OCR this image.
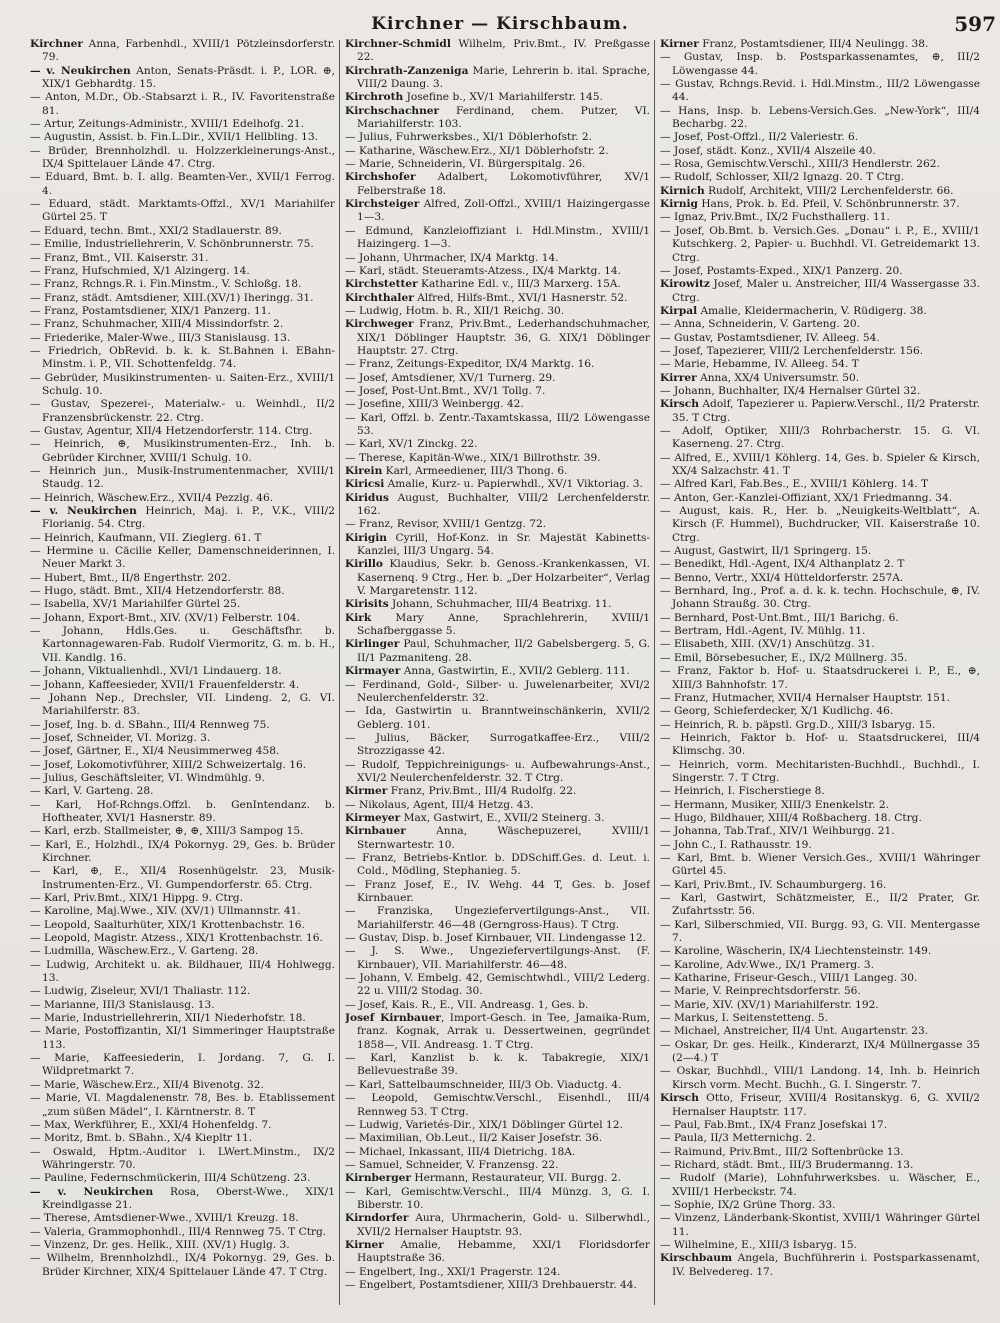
Kirchner — Kirschbaum.	597

Kirchner Anna, Farbenhdl., XVIII/1 Pötzleinsdorferstr. 79.

— v. Neukirchen Anton, Senats-Präsdt. i. P., LOR. ⊕, XIX/1 Gebhardtg. 15.

— Anton, M.Dr., Ob.-Stabsarzt i. R., IV. Favoritenstraße 81.

— Artur, Zeitungs-Administr., XVIII/1 Edelhofg. 21.

— Augustin, Assist. b. Fin.L.Dir., XVII/1 Hellbling. 13.

— Brüder, Brennholzhdl. u. Holzzerkleinerungs-Anst., IX/4 Spittelauer Lände 47. Ctrg.

— Eduard, Bmt. b. I. allg. Beamten-Ver., XVII/1 Ferrog. 4.

— Eduard, städt. Marktamts-Offzl., XV/1 Mariahilfer Gürtel 25. T

— Eduard, techn. Bmt., XXI/2 Stadlauerstr. 89.

— Emilie, Industriellehrerin, V. Schönbrunnerstr. 75.

— Franz, Bmt., VII. Kaiserstr. 31.

— Franz, Hufschmied, X/1 Alzingerg. 14.

— Franz, Rchngs.R. i. Fin.Minstm., V. Schloßg. 18.

— Franz, städt. Amtsdiener, XIII.(XV/1) Iheringg. 31.

— Franz, Postamtsdiener, XIX/1 Panzerg. 11.

— Franz, Schuhmacher, XIII/4 Missindorfstr. 2.

— Friederike, Maler-Wwe., III/3 Stanislausg. 13.

— Friedrich, ObRevid. b. k. k. St.Bahnen i. EBahn-Minstm. i. P., VII. Schottenfeldg. 74.

— Gebrüder, Musikinstrumenten- u. Saiten-Erz., XVIII/1 Schulg. 10.

— Gustav, Spezerei-, Materialw.- u. Weinhdl., II/2 Franzensbrückenstr. 22. Ctrg.

— Gustav, Agentur, XII/4 Hetzendorferstr. 114. Ctrg.

— Heinrich, ⊕, Musikinstrumenten-Erz., Inh. b. Gebrüder Kirchner, XVIII/1 Schulg. 10.

— Heinrich jun., Musik-Instrumentenmacher, XVIII/1 Staudg. 12.

— Heinrich, Wäschew.Erz., XVII/4 Pezzlg. 46.

— v. Neukirchen Heinrich, Maj. i. P., V.K., VIII/2 Florianig. 54. Ctrg.

— Heinrich, Kaufmann, VII. Zieglerg. 61. T

— Hermine u. Cäcilie Keller, Damenschneiderinnen, I. Neuer Markt 3.

— Hubert, Bmt., II/8 Engerthstr. 202.

— Hugo, städt. Bmt., XII/4 Hetzendorferstr. 88.

— Isabella, XV/1 Mariahilfer Gürtel 25.

— Johann, Export-Bmt., XIV. (XV/1) Felberstr. 104.

— Johann, Hdls.Ges. u. Geschäftsfhr. b. Kartonnagewaren-Fab. Rudolf Viermoritz, G. m. b. H., VII. Kandlg. 16.

— Johann, Viktualienhdl., XVI/1 Lindauerg. 18.

— Johann, Kaffeesieder, XVII/1 Frauenfelderstr. 4.

— Johann Nep., Drechsler, VII. Lindeng. 2, G. VI. Mariahilferstr. 83.

— Josef, Ing. b. d. SBahn., III/4 Rennweg 75.

— Josef, Schneider, VI. Morizg. 3.

— Josef, Gärtner, E., XI/4 Neusimmerweg 458.

— Josef, Lokomotivführer, XIII/2 Schweizertalg. 16.

— Julius, Geschäftsleiter, VI. Windmühlg. 9.

— Karl, V. Garteng. 28.

— Karl, Hof-Rchngs.Offzl. b. GenIntendanz. b. Hoftheater, XVI/1 Hasnerstr. 89.

— Karl, erzb. Stallmeister, ⊕, ⊕, XIII/3 Sampog 15.

— Karl, E., Holzhdl., IX/4 Pokornyg. 29, Ges. b. Brüder Kirchner.

— Karl, ⊕, E., XII/4 Rosenhügelstr. 23, Musik-Instrumenten-Erz., VI. Gumpendorferstr. 65. Ctrg.

— Karl, Priv.Bmt., XIX/1 Hippg. 9. Ctrg.

— Karoline, Maj.Wwe., XIV. (XV/1) Ullmannstr. 41.

— Leopold, Saalturhüter, XIX/1 Krottenbachstr. 16.

— Leopold, Magistr. Atzess., XIX/1 Krottenbachstr. 16.

— Ludmilla, Wäschew.Erz., V. Garteng. 28.

— Ludwig, Architekt u. ak. Bildhauer, III/4 Hohlwegg. 13.

— Ludwig, Ziseleur, XVI/1 Thaliastr. 112.

— Marianne, III/3 Stanislausg. 13.

— Marie, Industriellehrerin, XII/1 Niederhofstr. 18.

— Marie, Postoffizantin, XI/1 Simmeringer Hauptstraße 113.

— Marie, Kaffeesiederin, I. Jordang. 7, G. I. Wildpretmarkt 7.

— Marie, Wäschew.Erz., XII/4 Bivenotg. 32.

— Marie, VI. Magdalenenstr. 78, Bes. b. Etablissement „zum süßen Mädel“, I. Kärntnerstr. 8. T

— Max, Werkführer, E., XXI/4 Hohenfeldg. 7.

— Moritz, Bmt. b. SBahn., X/4 Kiepltr 11.

— Oswald, Hptm.-Auditor i. LWert.Minstm., IX/2 Währingerstr. 70.

— Pauline, Federnschmückerin, III/4 Schützeng. 23.

— v. Neukirchen Rosa, Oberst-Wwe., XIX/1 Kreindlgasse 21.

— Therese, Amtsdiener-Wwe., XVIII/1 Kreuzg. 18.

— Valeria, Grammophonhdl., III/4 Rennweg 75. T Ctrg.

— Vinzenz, Dr. ges. Hellk., XIII. (XV/1) Huglg. 3.

— Wilhelm, Brennholzhdl., IX/4 Pokornyg. 29, Ges. b. Brüder Kirchner, XIX/4 Spittelauer Lände 47. T Ctrg.

Kirchner-Schmidl Wilhelm, Priv.Bmt., IV. Preßgasse 22.

Kirchrath-Zanzeniga Marie, Lehrerin b. ital. Sprache, VIII/2 Daung. 3.

Kirchroth Josefine b., XV/1 Mariahilferstr. 145.

Kirchschachner Ferdinand, chem. Putzer, VI. Mariahilferstr. 103.

— Julius, Fuhrwerksbes., XI/1 Döblerhofstr. 2.

— Katharine, Wäschew.Erz., XI/1 Döblerhofstr. 2.

— Marie, Schneiderin, VI. Bürgerspitalg. 26.

Kirchshofer Adalbert, Lokomotivführer, XV/1 Felberstraße 18.

Kirchsteiger Alfred, Zoll-Offzl., XVIII/1 Haizingergasse 1—3.

— Edmund, Kanzleioffiziant i. Hdl.Minstm., XVIII/1 Haizingerg. 1—3.

— Johann, Uhrmacher, IX/4 Marktg. 14.

— Karl, städt. Steueramts-Atzess., IX/4 Marktg. 14.

Kirchstetter Katharine Edl. v., III/3 Marxerg. 15A.

Kirchthaler Alfred, Hilfs-Bmt., XVI/1 Hasnerstr. 52.

— Ludwig, Hotm. b. R., XII/1 Reichg. 30.

Kirchweger Franz, Priv.Bmt., Lederhandschuhmacher, XIX/1 Döblinger Hauptstr. 36, G. XIX/1 Döblinger Hauptstr. 27. Ctrg.

— Franz, Zeitungs-Expeditor, IX/4 Marktg. 16.

— Josef, Amtsdiener, XV/1 Turnerg. 29.

— Josef, Post-Unt.Bmt., XV/1 Tollg. 7.

— Josefine, XIII/3 Weinbergg. 42.

— Karl, Offzl. b. Zentr.-Taxamtskassa, III/2 Löwengasse 53.

— Karl, XV/1 Zinckg. 22.

— Therese, Kapitän-Wwe., XIX/1 Billrothstr. 39.

Kirein Karl, Armeediener, III/3 Thong. 6.

Kiricsi Amalie, Kurz- u. Papierwhdl., XV/1 Viktoriag. 3.

Kiridus August, Buchhalter, VIII/2 Lerchenfelderstr. 162.

— Franz, Revisor, XVIII/1 Gentzg. 72.

Kirigin Cyrill, Hof-Konz. in Sr. Majestät Kabinetts-Kanzlei, III/3 Ungarg. 54.

Kirillo Klaudius, Sekr. b. Genoss.-Krankenkassen, VI. Kasernenq. 9 Ctrg., Her. b. „Der Holzarbeiter“, Verlag V. Margaretenstr. 112.

Kirisits Johann, Schuhmacher, III/4 Beatrixg. 11.

Kirk Mary Anne, Sprachlehrerin, XVIII/1 Schafberggasse 5.

Kirlinger Paul, Schuhmacher, II/2 Gabelsbergerg. 5, G. II/1 Pazmaniteng. 28.

Kirmayer Anna, Gastwirtin, E., XVII/2 Geblerg. 111.

— Ferdinand, Gold-, Silber- u. Juwelenarbeiter, XVI/2 Neulerchenfelderstr. 32.

— Ida, Gastwirtin u. Branntweinschänkerin, XVII/2 Geblerg. 101.

— Julius, Bäcker, Surrogatkaffee-Erz., VIII/2 Strozzigasse 42.

— Rudolf, Teppichreinigungs- u. Aufbewahrungs-Anst., XVI/2 Neulerchenfelderstr. 32. T Ctrg.

Kirmer Franz, Priv.Bmt., III/4 Rudolfg. 22.

— Nikolaus, Agent, III/4 Hetzg. 43.

Kirmeyer Max, Gastwirt, E., XVII/2 Steinerg. 3.

Kirnbauer Anna, Wäschepuzerei, XVIII/1 Sternwartestr. 10.

— Franz, Betriebs-Kntlor. b. DDSchiff.Ges. d. Leut. i. Cold., Mödling, Stephanieg. 5.

— Franz Josef, E., IV. Wehg. 44 T, Ges. b. Josef Kirnbauer.

— Franziska, Ungeziefervertilgungs-Anst., VII. Mariahilferstr. 46—48 (Gerngross-Haus). T Ctrg.

— Gustav, Disp. b. Josef Kirnbauer, VII. Lindengasse 12.

— J. S. Wwe., Ungeziefervertilgungs-Anst. (F. Kirnbauer), VII. Mariahilferstr. 46—48.

— Johann, V. Embelg. 42, Gemischtwhdl., VIII/2 Lederg. 22 u. VIII/2 Stodag. 30.

— Josef, Kais. R., E., VII. Andreasg. 1, Ges. b.

Josef Kirnbauer, Import-Gesch. in Tee, Jamaika-Rum, franz. Kognak, Arrak u. Dessertweinen, gegründet 1858—, VII. Andreasg. 1. T Ctrg.

— Karl, Kanzlist b. k. k. Tabakregie, XIX/1 Bellevuestraße 39.

— Karl, Sattelbaumschneider, III/3 Ob. Viaductg. 4.

— Leopold, Gemischtw.Verschl., Eisenhdl., III/4 Rennweg 53. T Ctrg.

— Ludwig, Varietés-Dir., XIX/1 Döblinger Gürtel 12.

— Maximilian, Ob.Leut., II/2 Kaiser Josefstr. 36.

— Michael, Inkassant, III/4 Dietrichg. 18A.

— Samuel, Schneider, V. Franzensg. 22.

Kirnberger Hermann, Restaurateur, VII. Burgg. 2.

— Karl, Gemischtw.Verschl., III/4 Münzg. 3, G. I. Biberstr. 10.

Kirndorfer Aura, Uhrmacherin, Gold- u. Silberwhdl., XVII/2 Hernalser Hauptstr. 93.

Kirner Amalie, Hebamme, XXI/1 Floridsdorfer Hauptstraße 36.

— Engelbert, Ing., XXI/1 Pragerstr. 124.

— Engelbert, Postamtsdiener, XIII/3 Drehbauerstr. 44.

Kirner Franz, Postamtsdiener, III/4 Neulingg. 38.

— Gustav, Insp. b. Postsparkassenamtes, ⊕, III/2 Löwengasse 44.

— Gustav, Rchngs.Revid. i. Hdl.Minstm., III/2 Löwengasse 44.

— Hans, Insp. b. Lebens-Versich.Ges. „New-York“, III/4 Becharbg. 22.

— Josef, Post-Offzl., II/2 Valeriestr. 6.

— Josef, städt. Konz., XVII/4 Alszeile 40.

— Rosa, Gemischtw.Verschl., XIII/3 Hendlerstr. 262.

— Rudolf, Schlosser, XII/2 Ignazg. 20. T Ctrg.

Kirnich Rudolf, Architekt, VIII/2 Lerchenfelderstr. 66.

Kirnig Hans, Prok. b. Ed. Pfeil, V. Schönbrunnerstr. 37.

— Ignaz, Priv.Bmt., IX/2 Fuchsthallerg. 11.

— Josef, Ob.Bmt. b. Versich.Ges. „Donau“ i. P., E., XVIII/1 Kutschkerg. 2, Papier- u. Buchhdl. VI. Getreidemarkt 13. Ctrg.

— Josef, Postamts-Exped., XIX/1 Panzerg. 20.

Kirowitz Josef, Maler u. Anstreicher, III/4 Wassergasse 33. Ctrg.

Kirpal Amalie, Kleidermacherin, V. Rüdigerg. 38.

— Anna, Schneiderin, V. Garteng. 20.

— Gustav, Postamtsdiener, IV. Alleeg. 54.

— Josef, Tapezierer, VIII/2 Lerchenfelderstr. 156.

— Marie, Hebamme, IV. Alleeg. 54. T

Kirrer Anna, XX/4 Universumstr. 50.

— Johann, Buchhalter, IX/4 Hernalser Gürtel 32.

Kirsch Adolf, Tapezierer u. Papierw.Verschl., II/2 Praterstr. 35. T Ctrg.

— Adolf, Optiker, XIII/3 Rohrbacherstr. 15. G. VI. Kaserneng. 27. Ctrg.

— Alfred, E., XVIII/1 Köhlerg. 14, Ges. b. Spieler & Kirsch, XX/4 Salzachstr. 41. T

— Alfred Karl, Fab.Bes., E., XVIII/1 Köhlerg. 14. T

— Anton, Ger.-Kanzlei-Offiziant, XX/1 Friedmanng. 34.

— August, kais. R., Her. b. „Neuigkeits-Weltblatt“, A. Kirsch (F. Hummel), Buchdrucker, VII. Kaiserstraße 10. Ctrg.

— August, Gastwirt, II/1 Springerg. 15.

— Benedikt, Hdl.-Agent, IX/4 Althanplatz 2. T

— Benno, Vertr., XXI/4 Hütteldorferstr. 257A.

— Bernhard, Ing., Prof. a. d. k. k. techn. Hochschule, ⊕, IV. Johann Straußg. 30. Ctrg.

— Bernhard, Post-Unt.Bmt., III/1 Barichg. 6.

— Bertram, Hdl.-Agent, IV. Mühlg. 11.

— Elisabeth, XIII. (XV/1) Anschützg. 31.

— Emil, Börsebesucher, E., IX/2 Müllnerg. 35.

— Franz, Faktor b. Hof- u. Staatsdruckerei i. P., E., ⊕, XIII/3 Bahnhofstr. 17.

— Franz, Hutmacher, XVII/4 Hernalser Hauptstr. 151.

— Georg, Schieferdecker, X/1 Kudlichg. 46.

— Heinrich, R. b. päpstl. Grg.D., XIII/3 Isbaryg. 15.

— Heinrich, Faktor b. Hof- u. Staatsdruckerei, III/4 Klimschg. 30.

— Heinrich, vorm. Mechitaristen-Buchhdl., Buchhdl., I. Singerstr. 7. T Ctrg.

— Heinrich, I. Fischerstiege 8.

— Hermann, Musiker, XIII/3 Enenkelstr. 2.

— Hugo, Bildhauer, XIII/4 Roßbacherg. 18. Ctrg.

— Johanna, Tab.Traf., XIV/1 Weihburgg. 21.

— John C., I. Rathausstr. 19.

— Karl, Bmt. b. Wiener Versich.Ges., XVIII/1 Währinger Gürtel 45.

— Karl, Priv.Bmt., IV. Schaumburgerg. 16.

— Karl, Gastwirt, Schätzmeister, E., II/2 Prater, Gr. Zufahrtsstr. 56.

— Karl, Silberschmied, VII. Burgg. 93, G. VII. Mentergasse 7.

— Karoline, Wäscherin, IX/4 Liechtensteinstr. 149.

— Karoline, Adv.Wwe., IX/1 Pramerg. 3.

— Katharine, Friseur-Gesch., VIII/1 Langeg. 30.

— Marie, V. Reinprechtsdorferstr. 56.

— Marie, XIV. (XV/1) Mariahilferstr. 192.

— Markus, I. Seitenstetteng. 5.

— Michael, Anstreicher, II/4 Unt. Augartenstr. 23.

— Oskar, Dr. ges. Heilk., Kinderarzt, IX/4 Müllnergasse 35 (2—4.) T

— Oskar, Buchhdl., VIII/1 Landong. 14, Inh. b. Heinrich Kirsch vorm. Mecht. Buchh., G. I. Singerstr. 7.

Kirsch Otto, Friseur, XVIII/4 Rositanskyg. 6, G. XVII/2 Hernalser Hauptstr. 117.

— Paul, Fab.Bmt., IX/4 Franz Josefskai 17.

— Paula, II/3 Metternichg. 2.

— Raimund, Priv.Bmt., III/2 Softenbrücke 13.

— Richard, städt. Bmt., III/3 Brudermanng. 13.

— Rudolf (Marie), Lohnfuhrwerksbes. u. Wäscher, E., XVIII/1 Herbeckstr. 74.

— Sophie, IX/2 Grüne Thorg. 33.

— Vinzenz, Länderbank-Skontist, XVIII/1 Währinger Gürtel 11.

— Wilhelmine, E., XIII/3 Isbaryg. 15.

Kirschbaum Angela, Buchführerin i. Postsparkassenamt, IV. Belvedereg. 17.
